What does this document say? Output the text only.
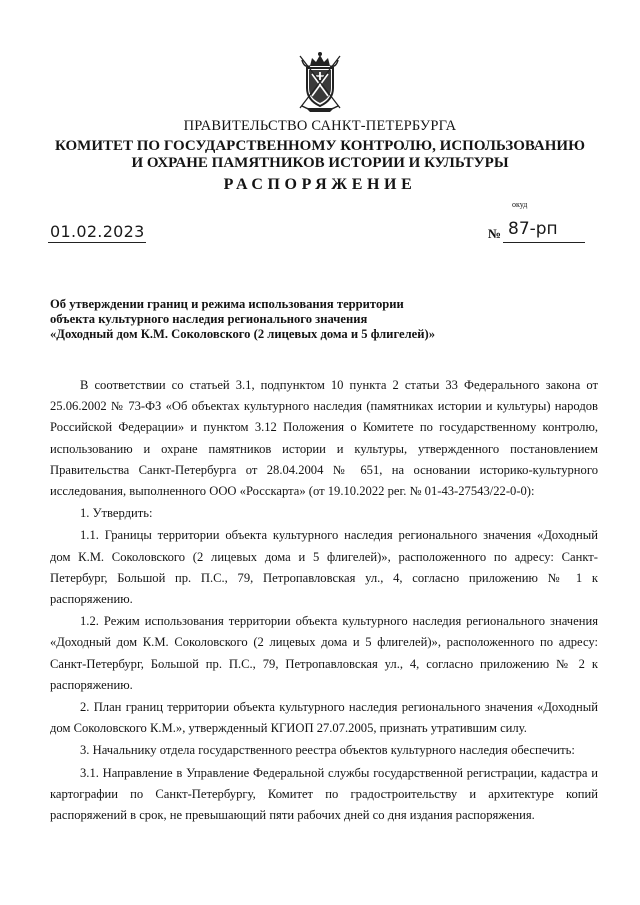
ПРАВИТЕЛЬСТВО САНКТ-ПЕТЕРБУРГА
КОМИТЕТ ПО ГОСУДАРСТВЕННОМУ КОНТРОЛЮ, ИСПОЛЬЗОВАНИЮ
И ОХРАНЕ ПАМЯТНИКОВ ИСТОРИИ И КУЛЬТУРЫ
РАСПОРЯЖЕНИЕ
окуд
01.02.2023	№ 87-рп
Об утверждении границ и режима использования территории
объекта культурного наследия регионального значения
«Доходный дом К.М. Соколовского (2 лицевых дома и 5 флигелей)»

В соответствии со статьей 3.1, подпунктом 10 пункта 2 статьи 33 Федерального закона от 25.06.2002 № 73-ФЗ «Об объектах культурного наследия (памятниках истории и культуры) народов Российской Федерации» и пунктом 3.12 Положения о Комитете по государственному контролю, использованию и охране памятников истории и культуры, утвержденного постановлением Правительства Санкт-Петербурга от 28.04.2004 № 651, на основании историко-культурного исследования, выполненного ООО «Росскарта» (от 19.10.2022 рег. № 01-43-27543/22-0-0):

1. Утвердить:

1.1. Границы территории объекта культурного наследия регионального значения «Доходный дом К.М. Соколовского (2 лицевых дома и 5 флигелей)», расположенного по адресу: Санкт-Петербург, Большой пр. П.С., 79, Петропавловская ул., 4, согласно приложению № 1 к распоряжению.

1.2. Режим использования территории объекта культурного наследия регионального значения «Доходный дом К.М. Соколовского (2 лицевых дома и 5 флигелей)», расположенного по адресу: Санкт-Петербург, Большой пр. П.С., 79, Петропавловская ул., 4, согласно приложению № 2 к распоряжению.

2. План границ территории объекта культурного наследия регионального значения «Доходный дом Соколовского К.М.», утвержденный КГИОП 27.07.2005, признать утратившим силу.

3. Начальнику отдела государственного реестра объектов культурного наследия обеспечить:

3.1. Направление в Управление Федеральной службы государственной регистрации, кадастра и картографии по Санкт-Петербургу, Комитет по градостроительству и архитектуре копий распоряжений в срок, не превышающий пяти рабочих дней со дня издания распоряжения.
